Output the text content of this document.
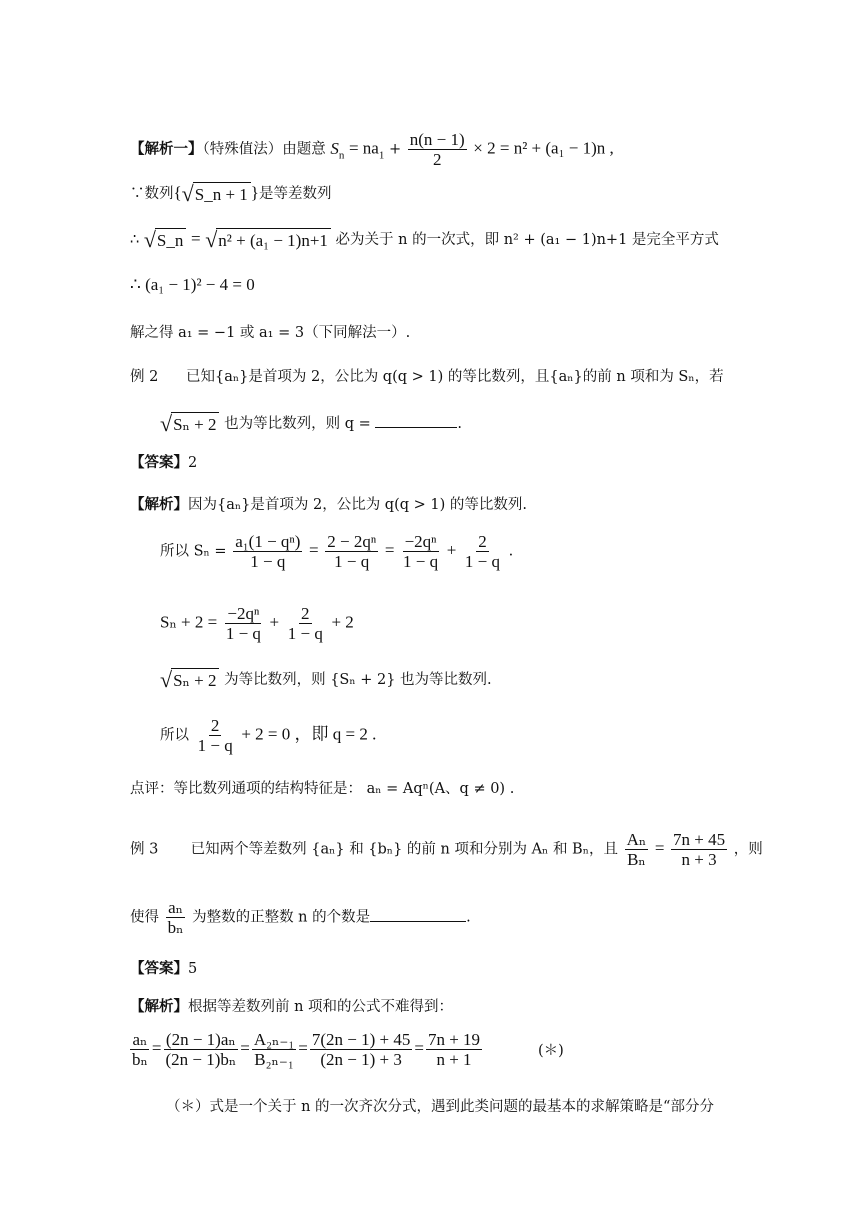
【解析一】（特殊值法）由题意 $S_n = na_1 + \frac{n(n - 1)}{2} \times 2 = n^2 + (a_1 - 1)n$ ,
∵数列{ √ S_n + 1 }是等差数列
∴ √ S_n = √ n² + (a₁ − 1)n+1 必为关于 n 的一次式，即 n² + (a₁ − 1)n+1 是完全平方式
∴ (a₁ − 1)² − 4 = 0
解之得 a₁ = −1 或 a₁ = 3（下同解法一）.
例 2 已知{aₙ}是首项为 2，公比为 q(q > 1) 的等比数列，且{aₙ}的前 n 项和为 Sₙ，若
√ Sₙ + 2 也为等比数列，则 q =	.
【答案】2
【解析】因为{aₙ}是首项为 2，公比为 q(q > 1) 的等比数列.
所以 $S_n = \frac{\text{a₁(1 − qⁿ)}}{1 - q} = \frac{\text{2 − 2qⁿ}}{1 - q} = \frac{\text{−2qⁿ}}{1 - q} + \frac{2}{1 - q}$ .
$S_n + 2 = \frac{\text{−2qⁿ}}{1 - q} + \frac{2}{1 - q} + 2$
√ Sₙ + 2 为等比数列，则 {Sₙ + 2} 也为等比数列.
所以 $\frac{2}{1 - q} + 2 = 0$ ，即 q = 2 .
点评：等比数列通项的结构特征是： aₙ = Aqⁿ(A、q ≠ 0) .
例 3 已知两个等差数列 {aₙ} 和 {bₙ} 的前 n 项和分别为 Aₙ 和 Bₙ，且 $\frac{\text{Aₙ}}{\text{Bₙ}} = \frac{7n + 45}{n + 3}$ ，则
使得 $\frac{\text{aₙ}}{\text{bₙ}}$ 为整数的正整数 n 的个数是	.
【答案】5
【解析】根据等差数列前 n 项和的公式不难得到：
$\frac{\text{aₙ}}{\text{bₙ}} = \frac{\text{(2n − 1)aₙ}}{\text{(2n − 1)bₙ}} = \frac{\text{A₂ₙ₋₁}}{\text{B₂ₙ₋₁}} = \frac{7(2n - 1) + 45}{(2n - 1) + 3} = \frac{7n + 19}{n + 1}$	(＊)
（＊）式是一个关于 n 的一次齐次分式，遇到此类问题的最基本的求解策略是“部分分
